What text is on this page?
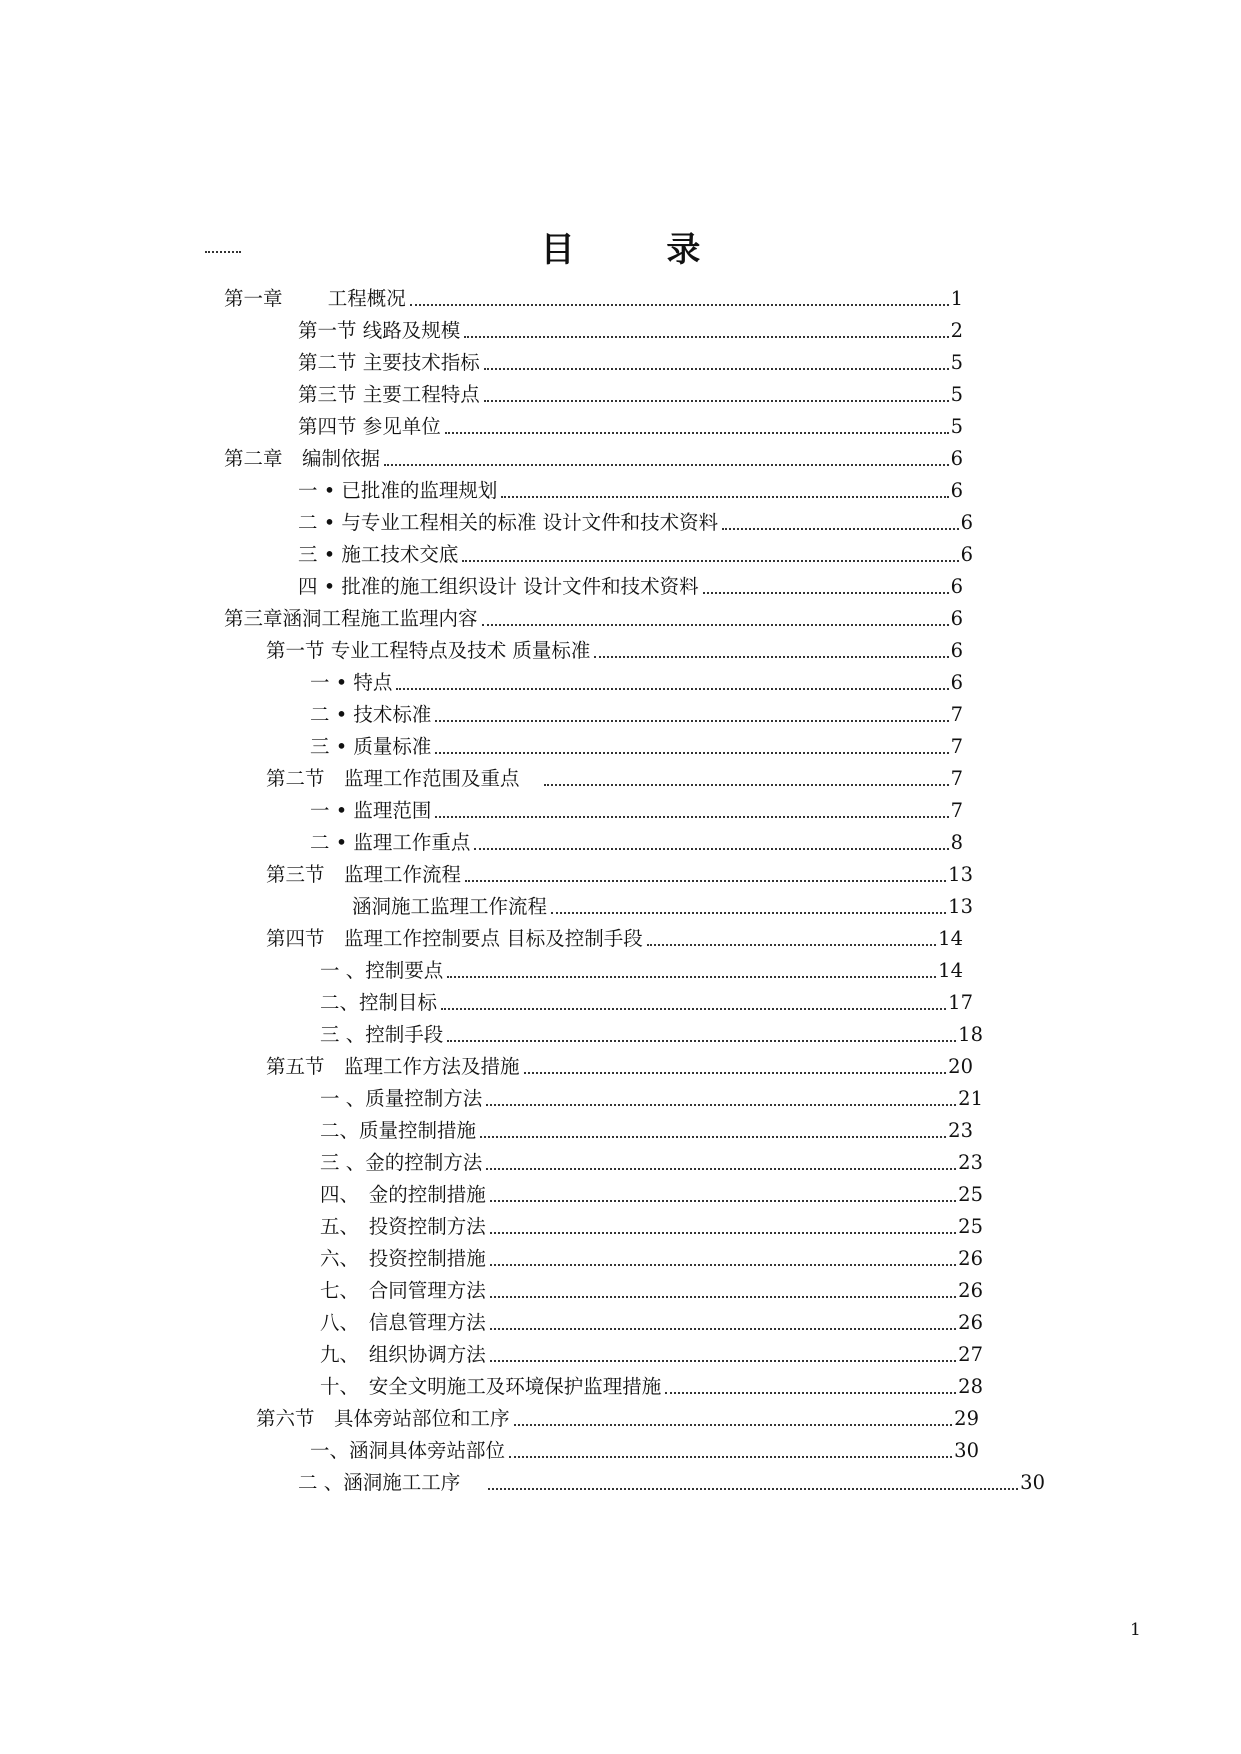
目 录
第一章　　 工程概况	1
第一节 线路及规模	2
第二节 主要技术指标	5
第三节 主要工程特点	5
第四节 参见单位	5
第二章　编制依据	6
一 • 已批准的监理规划	6
二 • 与专业工程相关的标准 设计文件和技术资料	6
三 • 施工技术交底	6
四 • 批准的施工组织设计 设计文件和技术资料	6
第三章涵洞工程施工监理内容	6
第一节 专业工程特点及技术 质量标准	6
一 • 特点	6
二 • 技术标准	7
三 • 质量标准	7
第二节　监理工作范围及重点	7
一 • 监理范围	7
二 • 监理工作重点	8
第三节　监理工作流程	13
涵洞施工监理工作流程	13
第四节　监理工作控制要点 目标及控制手段	14
一 、控制要点	14
二、控制目标	17
三 、控制手段	18
第五节　监理工作方法及措施	20
一 、质量控制方法	21
二、质量控制措施	23
三 、金的控制方法	23
四、　金的控制措施	25
五、　投资控制方法	25
六、　投资控制措施	26
七、　合同管理方法	26
八、　信息管理方法	26
九、　组织协调方法	27
十、　安全文明施工及环境保护监理措施	28
第六节　具体旁站部位和工序	29
一、涵洞具体旁站部位	30
二 、涵洞施工工序	30
1
